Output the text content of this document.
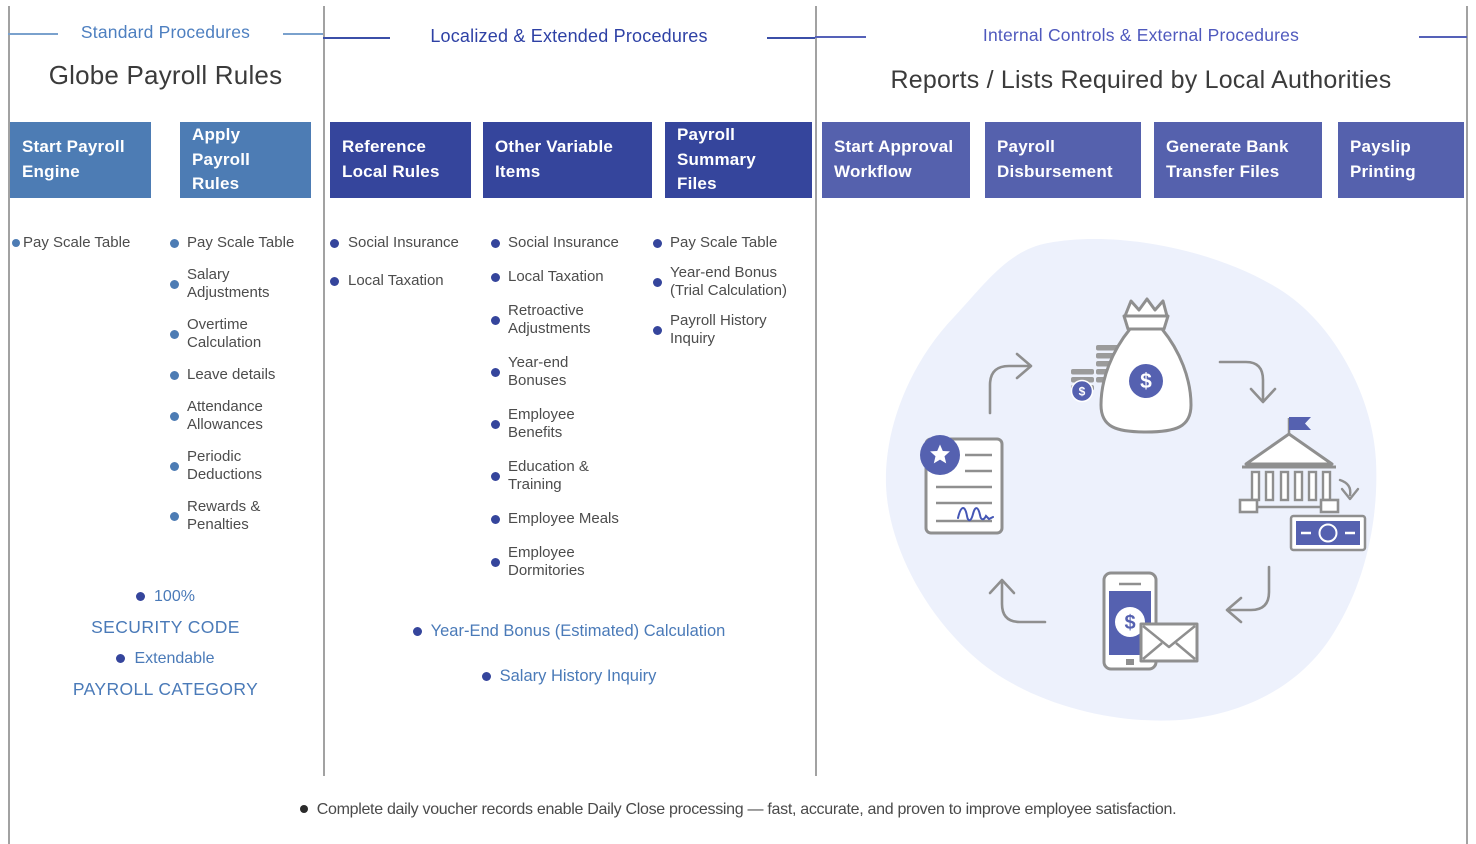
Standard Procedures	Localized & Extended Procedures	Internal Controls & External Procedures
Globe Payroll Rules	Reports / Lists Required by Local Authorities
Start Payroll Engine
Apply Payroll Rules
Reference Local Rules
Other Variable Items
Payroll Summary Files
Start Approval Workflow
Payroll Disbursement
Generate Bank Transfer Files
Payslip Printing
Pay Scale Table	Pay Scale Table
Salary Adjustments
Overtime Calculation
Leave details
Attendance Allowances
Periodic Deductions
Rewards & Penalties
Social Insurance
Local Taxation
Social Insurance
Local Taxation
Retroactive Adjustments
Year-end Bonuses
Employee Benefits
Education & Training
Employee Meals
Employee Dormitories
Pay Scale Table
Year-end Bonus (Trial Calculation)
Payroll History Inquiry
100%
SECURITY CODE
Extendable
PAYROLL CATEGORY
Year-End Bonus (Estimated) Calculation
Salary History Inquiry
$	$
$
Complete daily voucher records enable Daily Close processing — fast, accurate, and proven to improve employee satisfaction.
